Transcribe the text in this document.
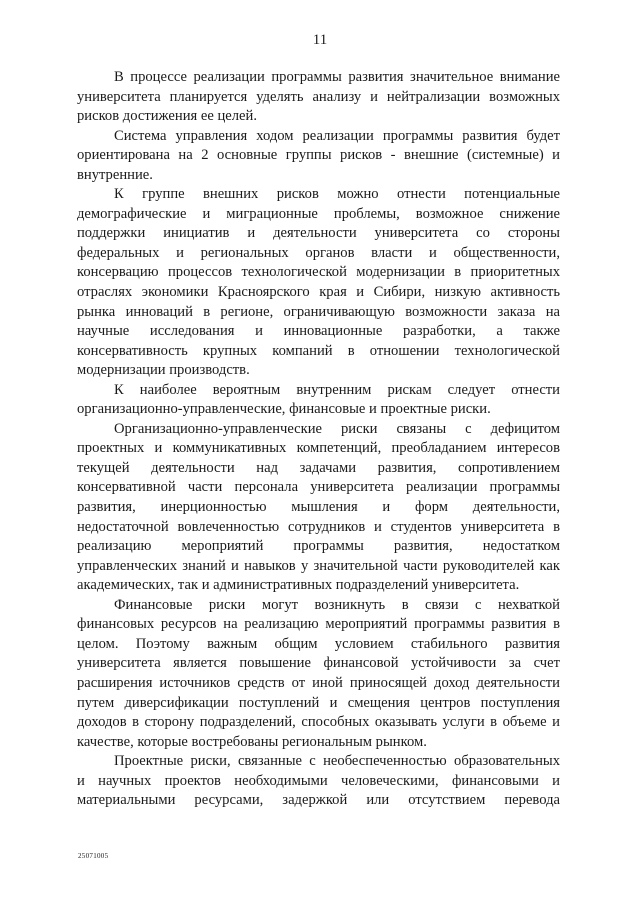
11
В процессе реализации программы развития значительное внимание
университета планируется уделять анализу и нейтрализации возможных
рисков достижения ее целей.
Система управления ходом реализации программы развития будет
ориентирована на 2 основные группы рисков - внешние (системные) и
внутренние.
К группе внешних рисков можно отнести потенциальные
демографические и миграционные проблемы, возможное снижение
поддержки инициатив и деятельности университета со стороны
федеральных и региональных органов власти и общественности,
консервацию процессов технологической модернизации в приоритетных
отраслях экономики Красноярского края и Сибири, низкую активность
рынка инноваций в регионе, ограничивающую возможности заказа на
научные исследования и инновационные разработки, а также
консервативность крупных компаний в отношении технологической
модернизации производств.
К наиболее вероятным внутренним рискам следует отнести
организационно-управленческие, финансовые и проектные риски.
Организационно-управленческие риски связаны с дефицитом
проектных и коммуникативных компетенций, преобладанием интересов
текущей деятельности над задачами развития, сопротивлением
консервативной части персонала университета реализации программы
развития, инерционностью мышления и форм деятельности,
недостаточной вовлеченностью сотрудников и студентов университета в
реализацию мероприятий программы развития, недостатком
управленческих знаний и навыков у значительной части руководителей как
академических, так и административных подразделений университета.
Финансовые риски могут возникнуть в связи с нехваткой
финансовых ресурсов на реализацию мероприятий программы развития в
целом. Поэтому важным общим условием стабильного развития
университета является повышение финансовой устойчивости за счет
расширения источников средств от иной приносящей доход деятельности
путем диверсификации поступлений и смещения центров поступления
доходов в сторону подразделений, способных оказывать услуги в объеме и
качестве, которые востребованы региональным рынком.
Проектные риски, связанные с необеспеченностью образовательных
и научных проектов необходимыми человеческими, финансовыми и
материальными ресурсами, задержкой или отсутствием перевода
25071005
